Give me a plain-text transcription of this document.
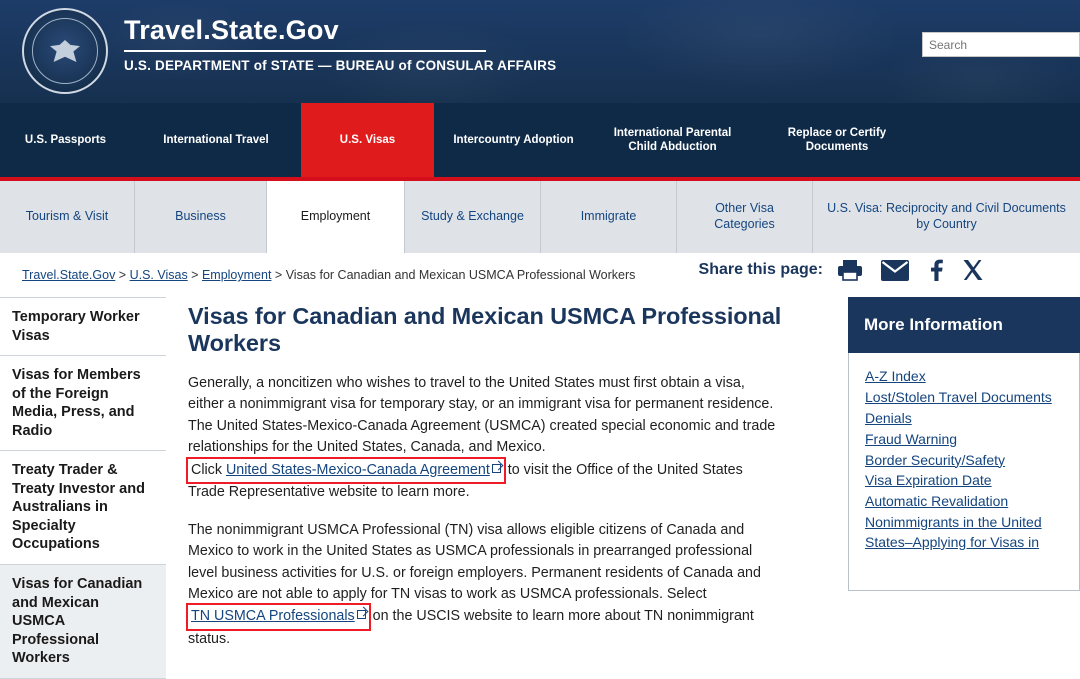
Travel.State.Gov
U.S. DEPARTMENT of STATE — BUREAU of CONSULAR AFFAIRS
Search
U.S. Passports	International Travel	U.S. Visas	Intercountry Adoption
International Parental Child Abduction
Replace or Certify Documents
Tourism & Visit	Business	Employment	Study & Exchange	Immigrate
Other Visa Categories
U.S. Visa: Reciprocity and Civil Documents by Country
Travel.State.Gov > U.S. Visas > Employment > Visas for Canadian and Mexican USMCA Professional Workers	Share this page:
Temporary Worker Visas
Visas for Members of the Foreign Media, Press, and Radio
Treaty Trader & Treaty Investor and Australians in Specialty Occupations
Visas for Canadian and Mexican USMCA Professional Workers
Visas for Canadian and Mexican USMCA Professional Workers

Generally, a noncitizen who wishes to travel to the United States must first obtain a visa, either a nonimmigrant visa for temporary stay, or an immigrant visa for permanent residence. The United States-Mexico-Canada Agreement (USMCA) created special economic and trade relationships for the United States, Canada, and Mexico. Click United States-Mexico-Canada Agreement to visit the Office of the United States Trade Representative website to learn more.

The nonimmigrant USMCA Professional (TN) visa allows eligible citizens of Canada and Mexico to work in the United States as USMCA professionals in prearranged professional level business activities for U.S. or foreign employers. Permanent residents of Canada and Mexico are not able to apply for TN visas to work as USMCA professionals. Select TN USMCA Professionals on the USCIS website to learn more about TN nonimmigrant status.

More Information
A-Z Index
Lost/Stolen Travel Documents
Denials
Fraud Warning
Border Security/Safety
Visa Expiration Date
Automatic Revalidation
Nonimmigrants in the United States–Applying for Visas in
